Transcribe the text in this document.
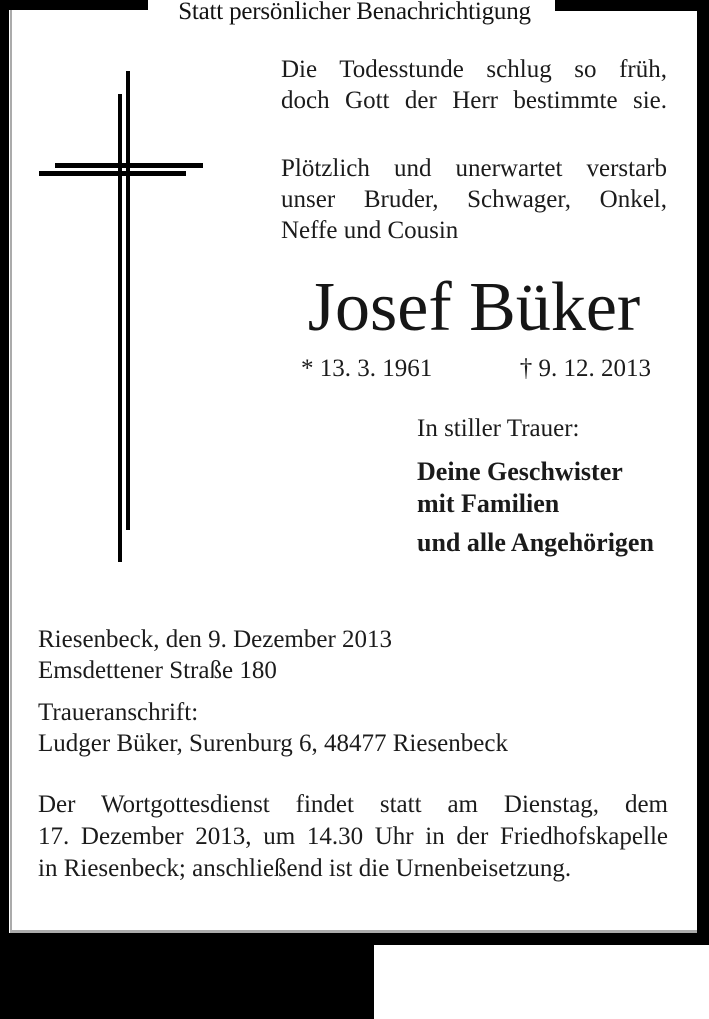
Statt persönlicher Benachrichtigung
Die Todesstunde schlug so früh,
doch Gott der Herr bestimmte sie.
Plötzlich und unerwartet verstarb
unser Bruder, Schwager, Onkel,
Neffe und Cousin
Josef Büker
* 13. 3. 1961	† 9. 12. 2013
In stiller Trauer:
Deine Geschwister
mit Familien
und alle Angehörigen
Riesenbeck, den 9. Dezember 2013
Emsdettener Straße 180
Traueranschrift:
Ludger Büker, Surenburg 6, 48477 Riesenbeck
Der Wortgottesdienst findet statt am Dienstag, dem
17. Dezember 2013, um 14.30 Uhr in der Friedhofskapelle
in Riesenbeck; anschließend ist die Urnenbeisetzung.
